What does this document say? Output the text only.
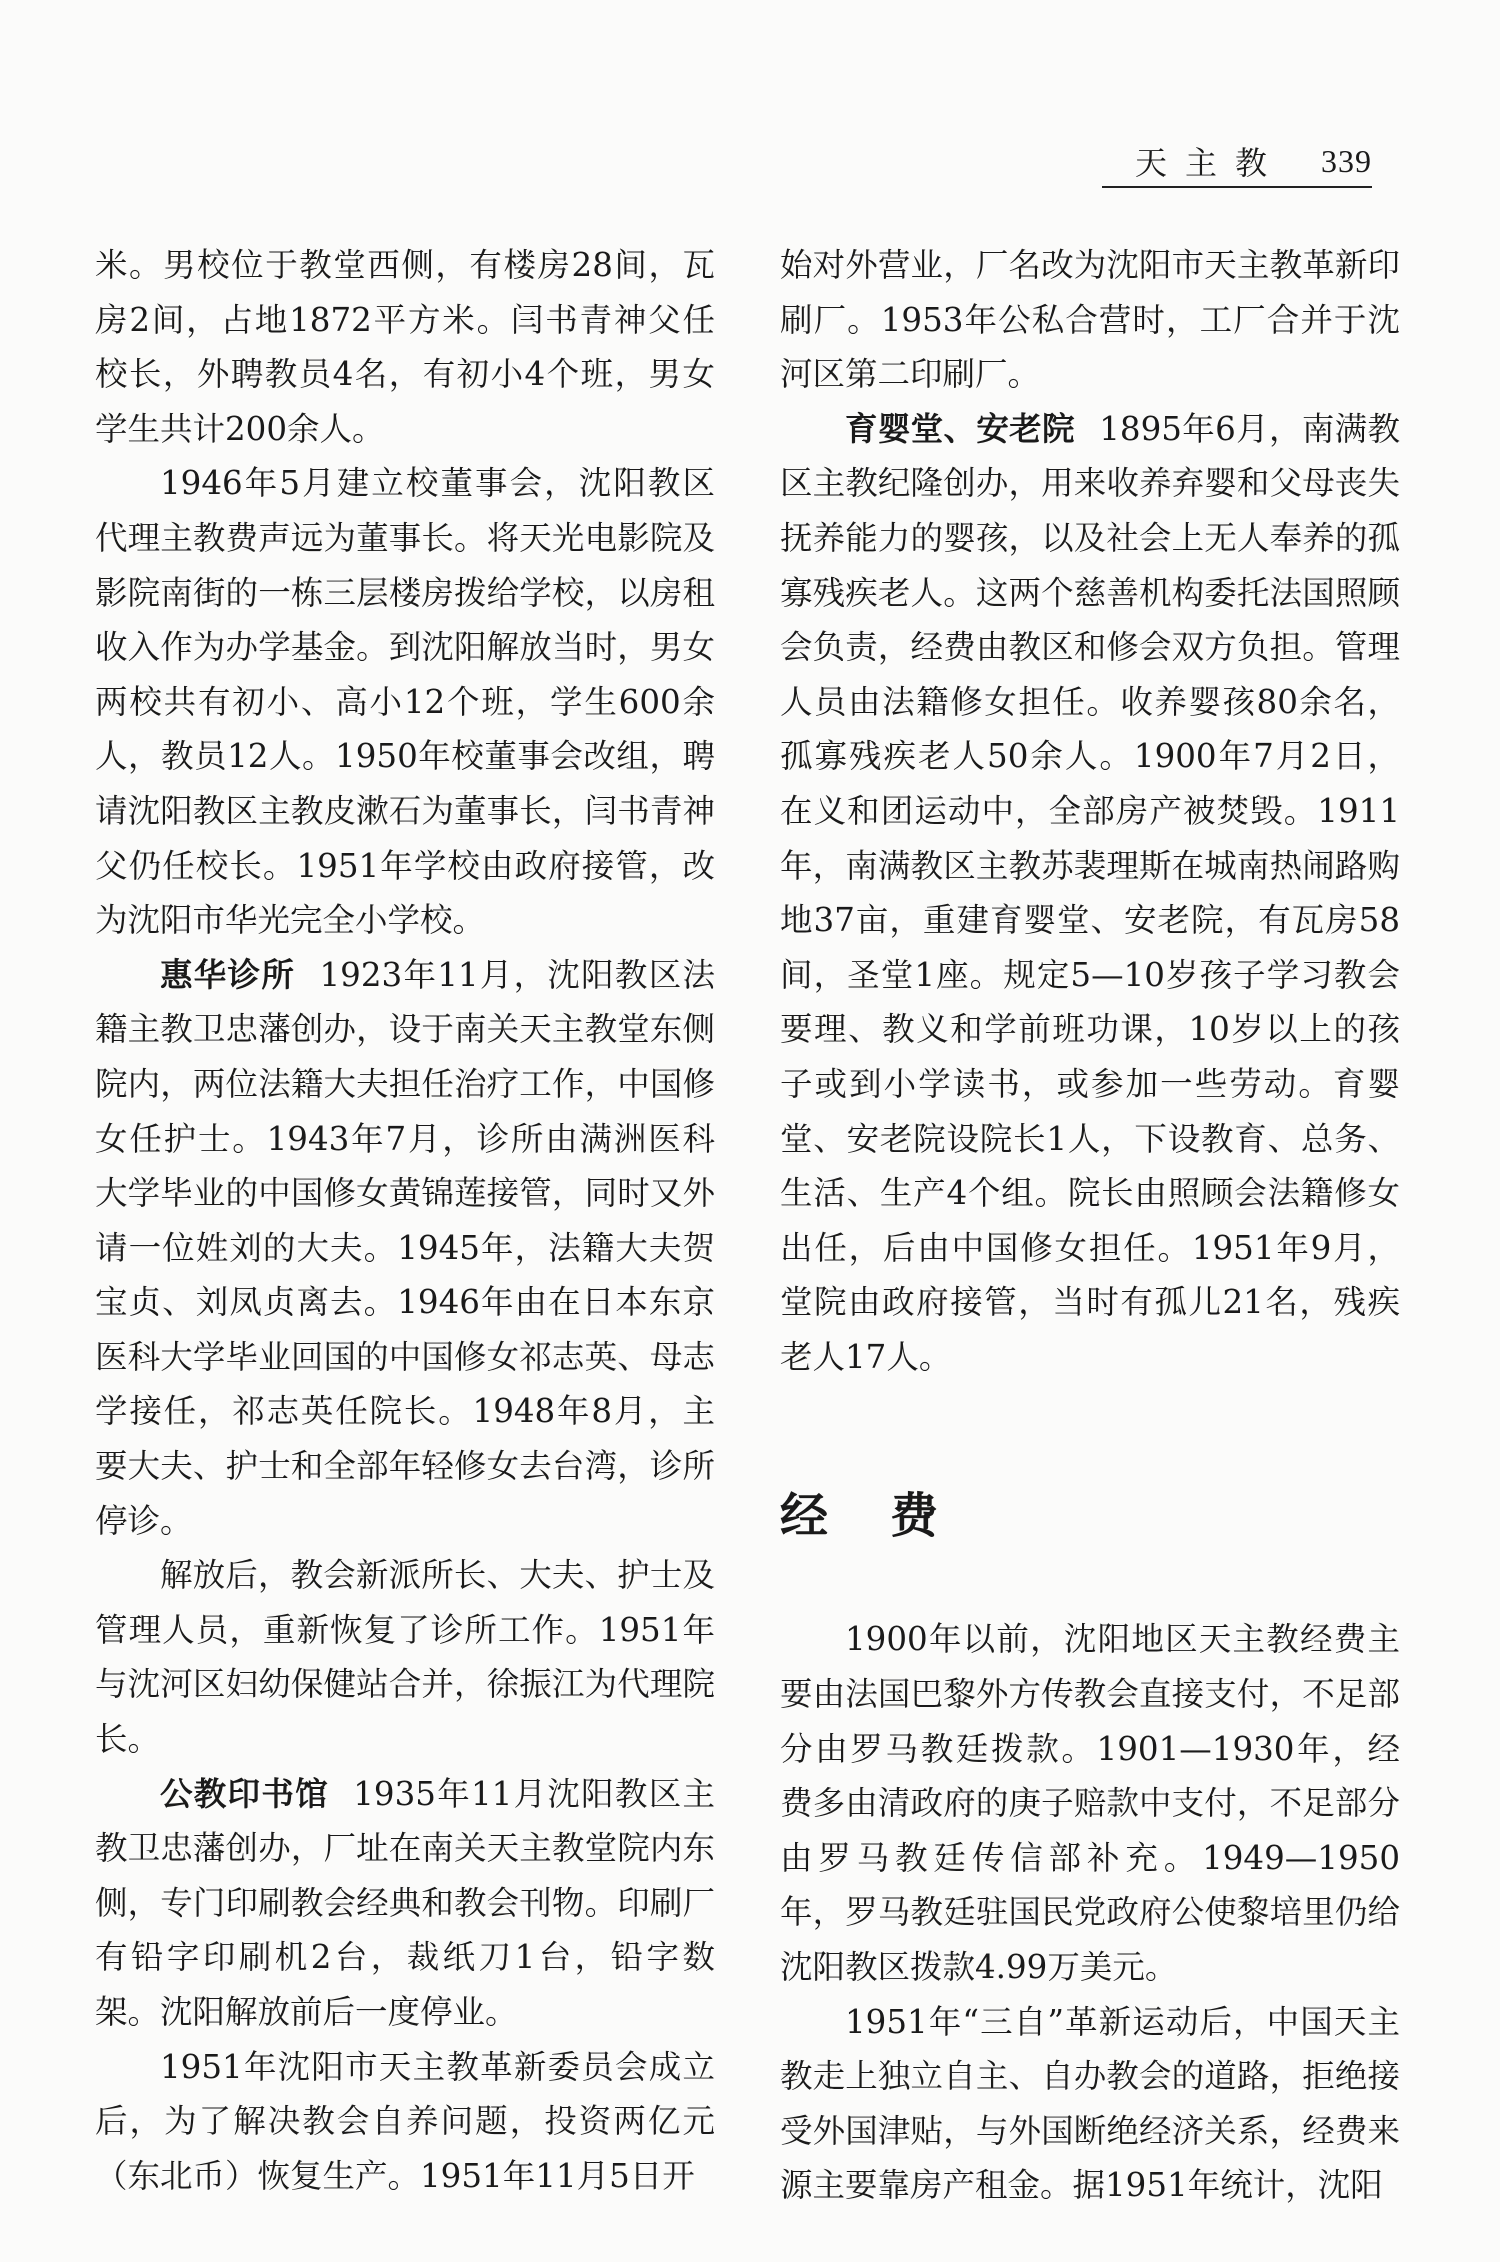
天主教 339

米。男校位于教堂西侧，有楼房28间，瓦房2间，占地1872平方米。闫书青神父任校长，外聘教员4名，有初小4个班，男女学生共计200余人。

1946年5月建立校董事会，沈阳教区代理主教费声远为董事长。将天光电影院及影院南街的一栋三层楼房拨给学校，以房租收入作为办学基金。到沈阳解放当时，男女两校共有初小、高小12个班，学生600余人，教员12人。1950年校董事会改组，聘请沈阳教区主教皮漱石为董事长，闫书青神父仍任校长。1951年学校由政府接管，改为沈阳市华光完全小学校。

惠华诊所 1923年11月，沈阳教区法籍主教卫忠藩创办，设于南关天主教堂东侧院内，两位法籍大夫担任治疗工作，中国修女任护士。1943年7月，诊所由满洲医科大学毕业的中国修女黄锦莲接管，同时又外请一位姓刘的大夫。1945年，法籍大夫贺宝贞、刘凤贞离去。1946年由在日本东京医科大学毕业回国的中国修女祁志英、母志学接任，祁志英任院长。1948年8月，主要大夫、护士和全部年轻修女去台湾，诊所停诊。

解放后，教会新派所长、大夫、护士及管理人员，重新恢复了诊所工作。1951年与沈河区妇幼保健站合并，徐振江为代理院长。

公教印书馆 1935年11月沈阳教区主教卫忠藩创办，厂址在南关天主教堂院内东侧，专门印刷教会经典和教会刊物。印刷厂有铅字印刷机2台，裁纸刀1台，铅字数架。沈阳解放前后一度停业。

1951年沈阳市天主教革新委员会成立后，为了解决教会自养问题，投资两亿元（东北币）恢复生产。1951年11月5日开

始对外营业，厂名改为沈阳市天主教革新印刷厂。1953年公私合营时，工厂合并于沈河区第二印刷厂。

育婴堂、安老院 1895年6月，南满教区主教纪隆创办，用来收养弃婴和父母丧失抚养能力的婴孩，以及社会上无人奉养的孤寡残疾老人。这两个慈善机构委托法国照顾会负责，经费由教区和修会双方负担。管理人员由法籍修女担任。收养婴孩80余名，孤寡残疾老人50余人。1900年7月2日，在义和团运动中，全部房产被焚毁。1911年，南满教区主教苏裴理斯在城南热闹路购地37亩，重建育婴堂、安老院，有瓦房58间，圣堂1座。规定5—10岁孩子学习教会要理、教义和学前班功课，10岁以上的孩子或到小学读书，或参加一些劳动。育婴堂、安老院设院长1人，下设教育、总务、生活、生产4个组。院长由照顾会法籍修女出任，后由中国修女担任。1951年9月，堂院由政府接管，当时有孤儿21名，残疾老人17人。

经费

1900年以前，沈阳地区天主教经费主要由法国巴黎外方传教会直接支付，不足部分由罗马教廷拨款。1901—1930年，经费多由清政府的庚子赔款中支付，不足部分由罗马教廷传信部补充。1949—1950年，罗马教廷驻国民党政府公使黎培里仍给沈阳教区拨款4.99万美元。

1951年“三自”革新运动后，中国天主教走上独立自主、自办教会的道路，拒绝接受外国津贴，与外国断绝经济关系，经费来源主要靠房产租金。据1951年统计，沈阳
